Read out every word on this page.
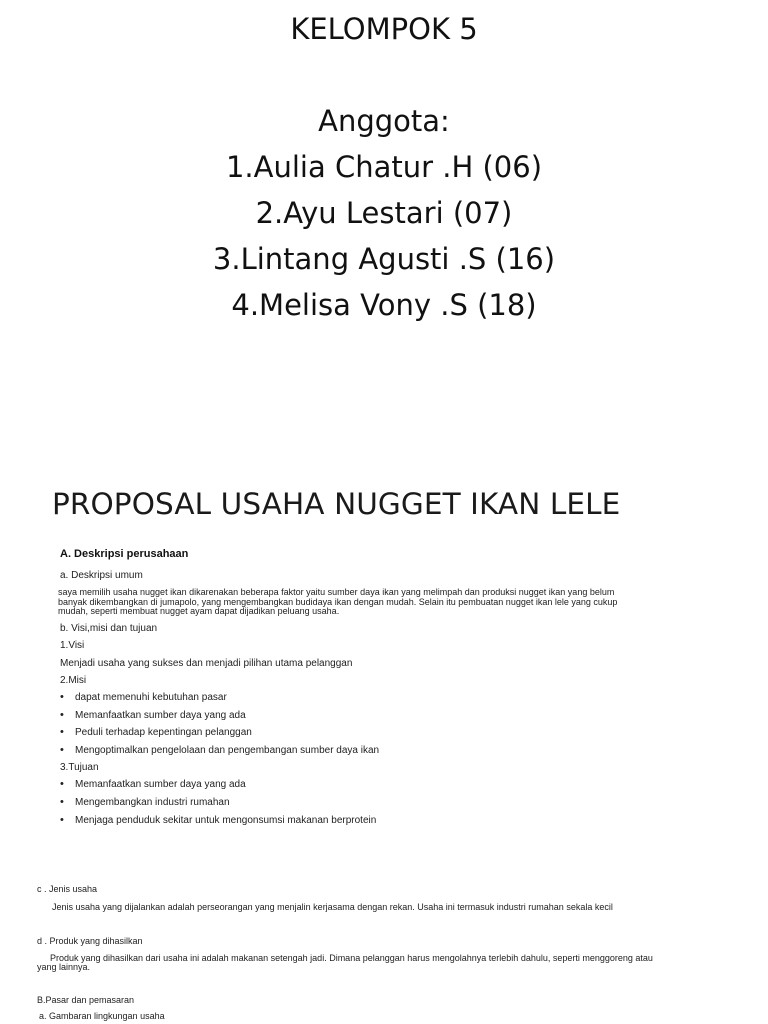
KELOMPOK 5
Anggota:
1.Aulia Chatur .H (06)
2.Ayu Lestari (07)
3.Lintang Agusti .S (16)
4.Melisa Vony .S (18)
PROPOSAL USAHA NUGGET IKAN LELE
A. Deskripsi perusahaan
a. Deskripsi umum
saya memilih usaha nugget ikan dikarenakan beberapa faktor yaitu sumber daya ikan yang melimpah dan produksi nugget ikan yang belum
banyak dikembangkan di jumapolo, yang mengembangkan budidaya ikan dengan mudah. Selain itu pembuatan nugget ikan lele yang cukup
mudah, seperti membuat nugget ayam dapat dijadikan peluang usaha.
b. Visi,misi dan tujuan
1.Visi
Menjadi usaha yang sukses dan menjadi pilihan utama pelanggan
2.Misi
• dapat memenuhi kebutuhan pasar
• Memanfaatkan sumber daya yang ada
• Peduli terhadap kepentingan pelanggan
• Mengoptimalkan pengelolaan dan pengembangan sumber daya ikan
3.Tujuan
• Memanfaatkan sumber daya yang ada
• Mengembangkan industri rumahan
• Menjaga penduduk sekitar untuk mengonsumsi makanan berprotein
c . Jenis usaha
Jenis usaha yang dijalankan adalah perseorangan yang menjalin kerjasama dengan rekan. Usaha ini termasuk industri rumahan sekala kecil
d . Produk yang dihasilkan
Produk yang dihasilkan dari usaha ini adalah makanan setengah jadi. Dimana pelanggan harus mengolahnya terlebih dahulu, seperti menggoreng atau
yang lainnya.
B.Pasar dan pemasaran
a. Gambaran lingkungan usaha
